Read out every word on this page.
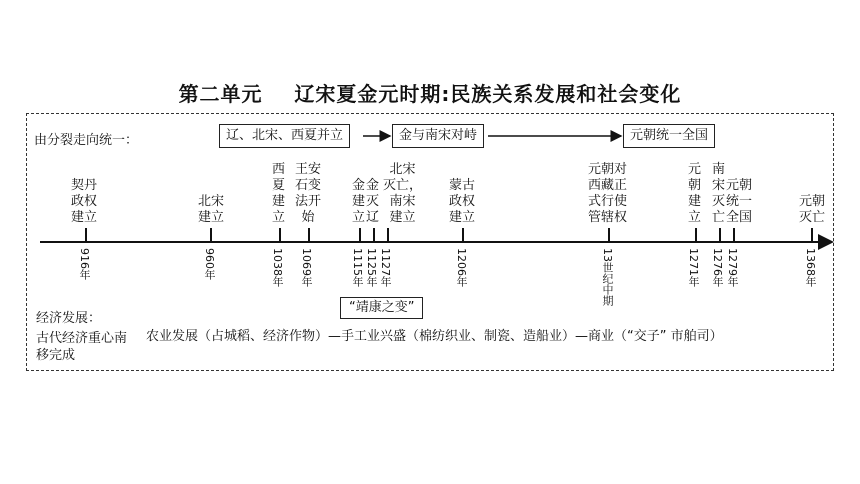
第二单元    辽宋夏金元时期:民族关系发展和社会变化
由分裂走向统一：	辽、北宋、西夏并立	金与南宋对峙	元朝统一全国
契丹
政权
建立
北宋
建立
西
夏
建
立
王安
石变
法开
始
金
建
立
金
灭
辽
北宋
灭亡，
南宋
建立
蒙古
政权
建立
元朝对
西藏正
式行使
管辖权
元
朝
建
立
南
宋
灭
亡
元朝
统一
全国
元朝
灭亡
916年	960年	1038年 1069年	1115年 1125年 1127年	1206年	13世纪中期	1271年 1276年 1279年	1368年
“靖康之变”
经济发展：
古代经济重心南移完成
农业发展（占城稻、经济作物）—手工业兴盛（棉纺织业、制瓷、造船业）—商业（“交子” 市舶司）
